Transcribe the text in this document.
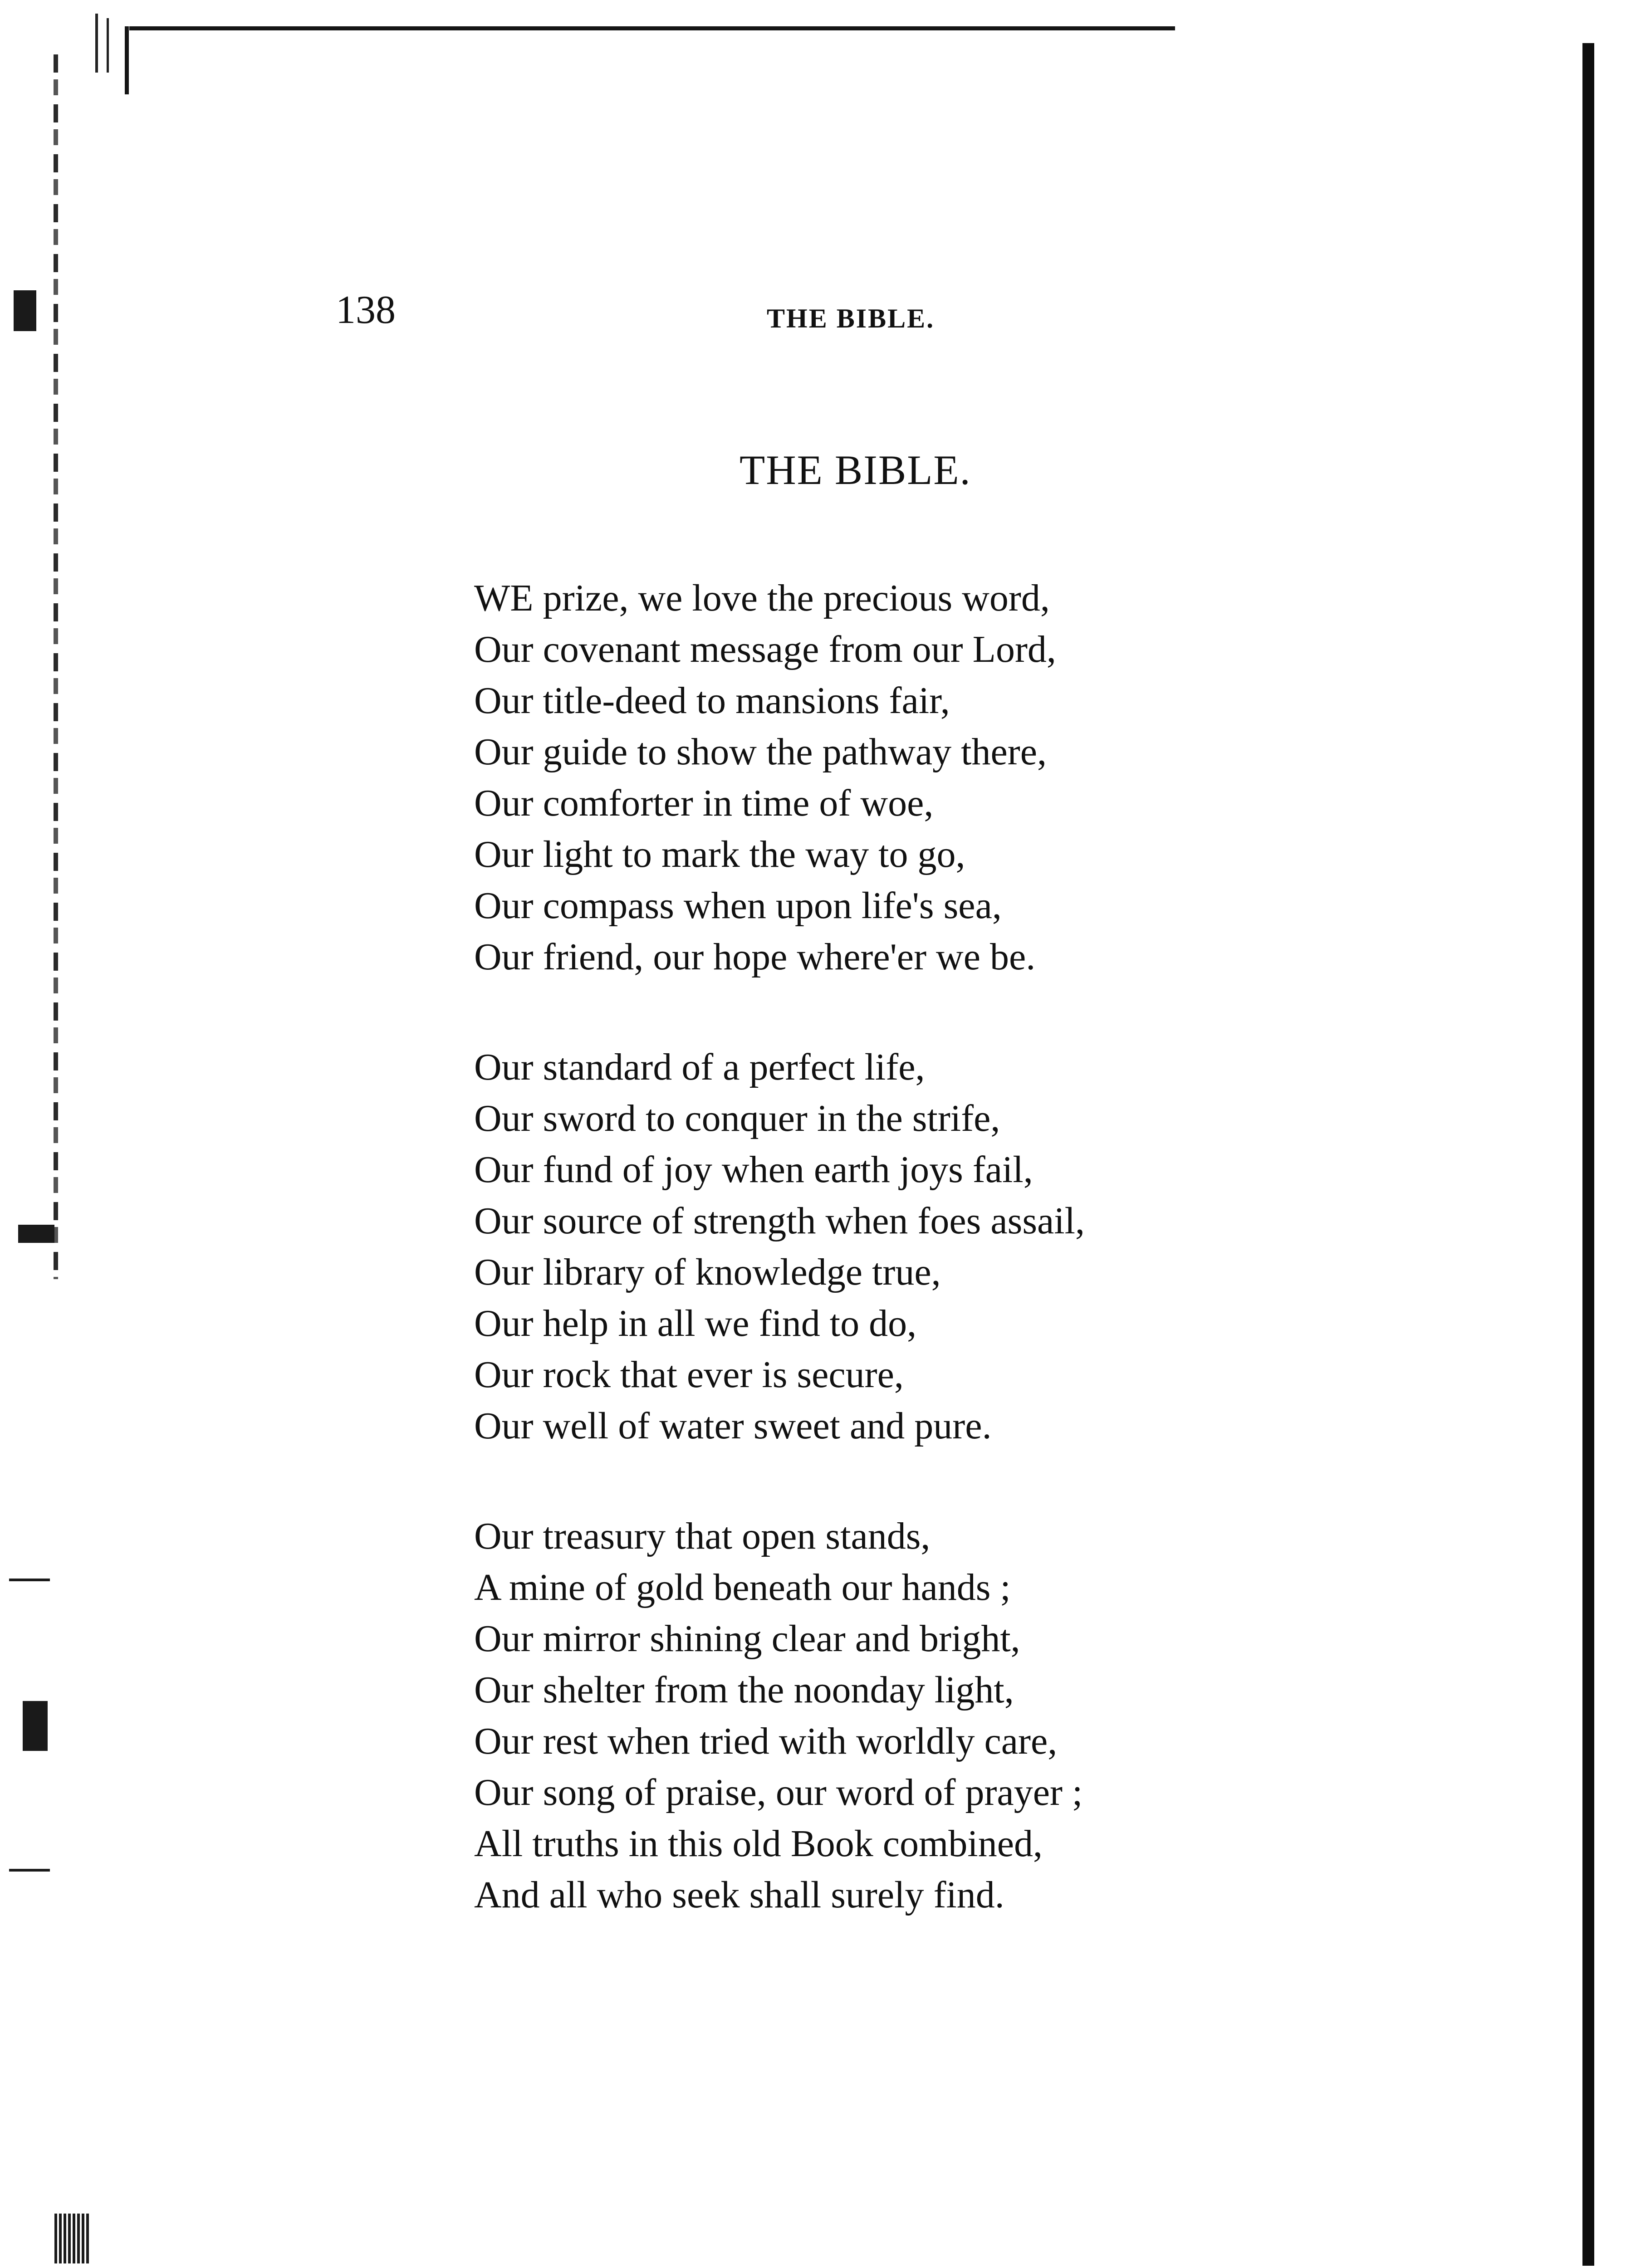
138	THE BIBLE.
THE BIBLE.
WE prize, we love the precious word,
Our covenant message from our Lord,
Our title-deed to mansions fair,
Our guide to show the pathway there,
Our comforter in time of woe,
Our light to mark the way to go,
Our compass when upon life's sea,
Our friend, our hope where'er we be.
Our standard of a perfect life,
Our sword to conquer in the strife,
Our fund of joy when earth joys fail,
Our source of strength when foes assail,
Our library of knowledge true,
Our help in all we find to do,
Our rock that ever is secure,
Our well of water sweet and pure.
Our treasury that open stands,
A mine of gold beneath our hands ;
Our mirror shining clear and bright,
Our shelter from the noonday light,
Our rest when tried with worldly care,
Our song of praise, our word of prayer ;
All truths in this old Book combined,
And all who seek shall surely find.
